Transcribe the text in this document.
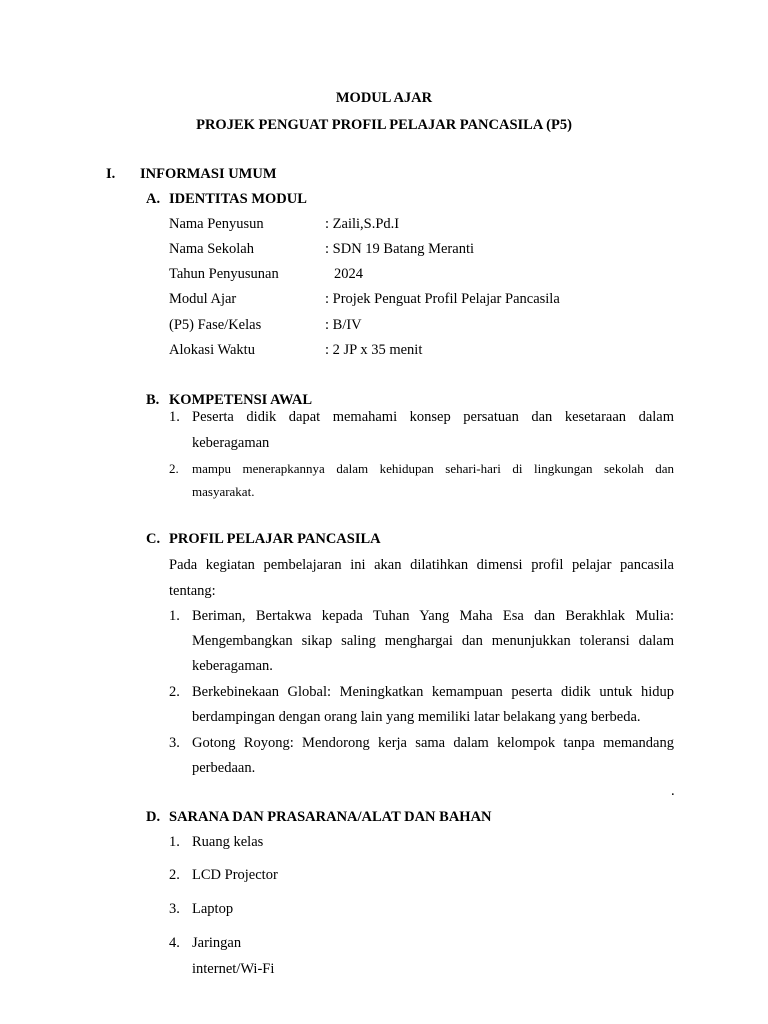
MODUL AJAR
PROJEK PENGUAT PROFIL PELAJAR PANCASILA (P5)
I. INFORMASI UMUM
A. IDENTITAS MODUL
Nama Penyusun	: Zaili,S.Pd.I
Nama Sekolah	: SDN 19 Batang Meranti
Tahun Penyusunan	2024
Modul Ajar	: Projek Penguat Profil Pelajar Pancasila
(P5) Fase/Kelas	: B/IV
Alokasi Waktu	: 2 JP x 35 menit
B. KOMPETENSI AWAL
1. Peserta didik dapat memahami konsep persatuan dan kesetaraan dalam
keberagaman
2. mampu menerapkannya dalam kehidupan sehari-hari di lingkungan sekolah dan
masyarakat.
C. PROFIL PELAJAR PANCASILA
Pada kegiatan pembelajaran ini akan dilatihkan dimensi profil pelajar pancasila
tentang:
1. Beriman, Bertakwa kepada Tuhan Yang Maha Esa dan Berakhlak Mulia:
Mengembangkan sikap saling menghargai dan menunjukkan toleransi dalam
keberagaman.
2. Berkebinekaan Global: Meningkatkan kemampuan peserta didik untuk hidup
berdampingan dengan orang lain yang memiliki latar belakang yang berbeda.
3. Gotong Royong: Mendorong kerja sama dalam kelompok tanpa memandang
perbedaan.
.
D. SARANA DAN PRASARANA/ALAT DAN BAHAN
1. Ruang kelas
2. LCD Projector
3. Laptop
4. Jaringan
internet/Wi-Fi
